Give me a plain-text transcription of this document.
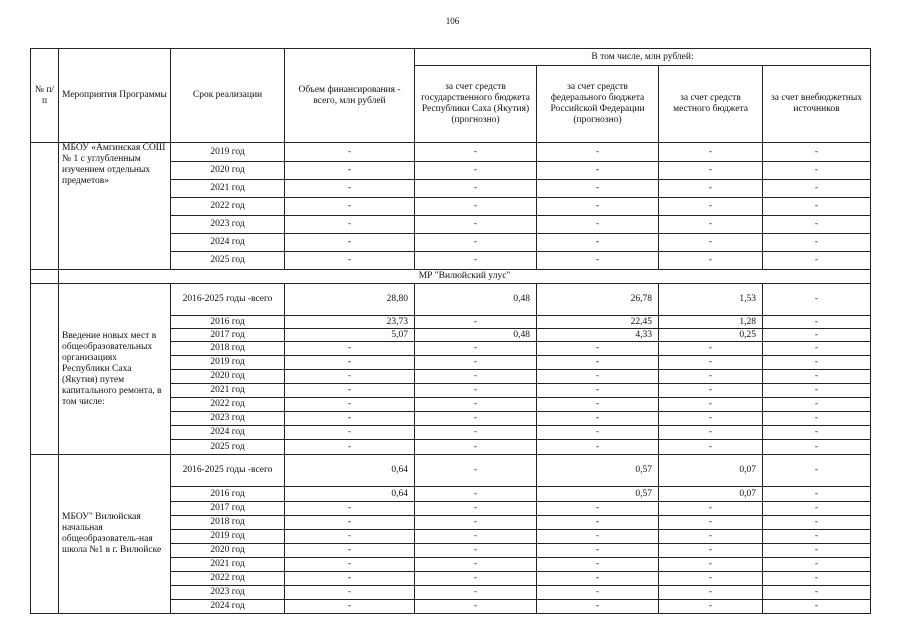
106
№ п/п	Мероприятия Программы	Срок реализации	Объем финансирования - всего, млн рублей	В том числе, млн рублей:			
				за счет средств государственного бюджета Республики Саха (Якутия) (прогнозно)	за счет средств федерального бюджета Российской Федерации (прогнозно)	за счет средств местного бюджета	за счет внебюджетных источников
	МБОУ «Амгинская СОШ № 1 с углубленным изучением отдельных предметов»	2019 год	-	-	-	-	-
		2020 год	-	-	-	-	-
		2021 год	-	-	-	-	-
		2022 год	-	-	-	-	-
		2023 год	-	-	-	-	-
		2024 год	-	-	-	-	-
		2025 год	-	-	-	-	-
	МР "Вилюйский улус"						
	Введение новых мест в общеобразовательных организациях Республики Саха (Якутия) путем капитального ремонта, в том числе:	2016-2025 годы -всего	28,80	0,48	26,78	1,53	-
		2016 год	23,73	-	22,45	1,28	-
		2017 год	5,07	0,48	4,33	0,25	-
		2018 год	-	-	-	-	-
		2019 год	-	-	-	-	-
		2020 год	-	-	-	-	-
		2021 год	-	-	-	-	-
		2022 год	-	-	-	-	-
		2023 год	-	-	-	-	-
		2024 год	-	-	-	-	-
		2025 год	-	-	-	-	-
	МБОУ" Вилюйская начальная общеобразователь-ная школа №1 в г. Вилюйске	2016-2025 годы -всего	0,64	-	0,57	0,07	-
		2016 год	0,64	-	0,57	0,07	-
		2017 год	-	-	-	-	-
		2018 год	-	-	-	-	-
		2019 год	-	-	-	-	-
		2020 год	-	-	-	-	-
		2021 год	-	-	-	-	-
		2022 год	-	-	-	-	-
		2023 год	-	-	-	-	-
		2024 год	-	-	-	-	-
